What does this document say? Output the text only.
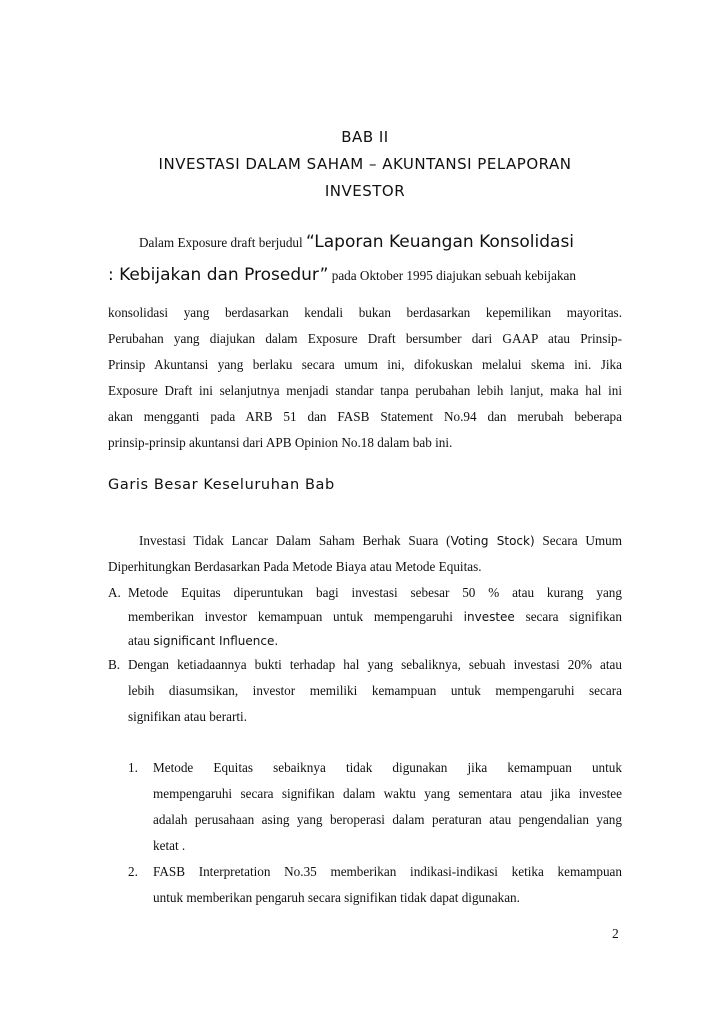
BAB II
INVESTASI DALAM SAHAM – AKUNTANSI PELAPORAN
INVESTOR
Dalam Exposure draft berjudul “Laporan Keuangan Konsolidasi
: Kebijakan dan Prosedur” pada Oktober 1995 diajukan sebuah kebijakan
konsolidasi yang berdasarkan kendali bukan berdasarkan kepemilikan mayoritas.
Perubahan yang diajukan dalam Exposure Draft bersumber dari GAAP atau Prinsip-
Prinsip Akuntansi yang berlaku secara umum ini, difokuskan melalui skema ini. Jika
Exposure Draft ini selanjutnya menjadi standar tanpa perubahan lebih lanjut, maka hal ini
akan mengganti pada ARB 51 dan FASB Statement No.94 dan merubah beberapa
prinsip-prinsip akuntansi dari APB Opinion No.18 dalam bab ini.
Garis Besar Keseluruhan Bab
Investasi Tidak Lancar Dalam Saham Berhak Suara (Voting Stock) Secara Umum
Diperhitungkan Berdasarkan Pada Metode Biaya atau Metode Equitas.
A. Metode Equitas diperuntukan bagi investasi sebesar 50 % atau kurang yang
memberikan investor kemampuan untuk mempengaruhi investee secara signifikan
atau significant Influence.
B. Dengan ketiadaannya bukti terhadap hal yang sebaliknya, sebuah investasi 20% atau
lebih diasumsikan, investor memiliki kemampuan untuk mempengaruhi secara
signifikan atau berarti.
1. Metode Equitas sebaiknya tidak digunakan jika kemampuan untuk
mempengaruhi secara signifikan dalam waktu yang sementara atau jika investee
adalah perusahaan asing yang beroperasi dalam peraturan atau pengendalian yang
ketat .
2. FASB Interpretation No.35 memberikan indikasi-indikasi ketika kemampuan
untuk memberikan pengaruh secara signifikan tidak dapat digunakan.
2
